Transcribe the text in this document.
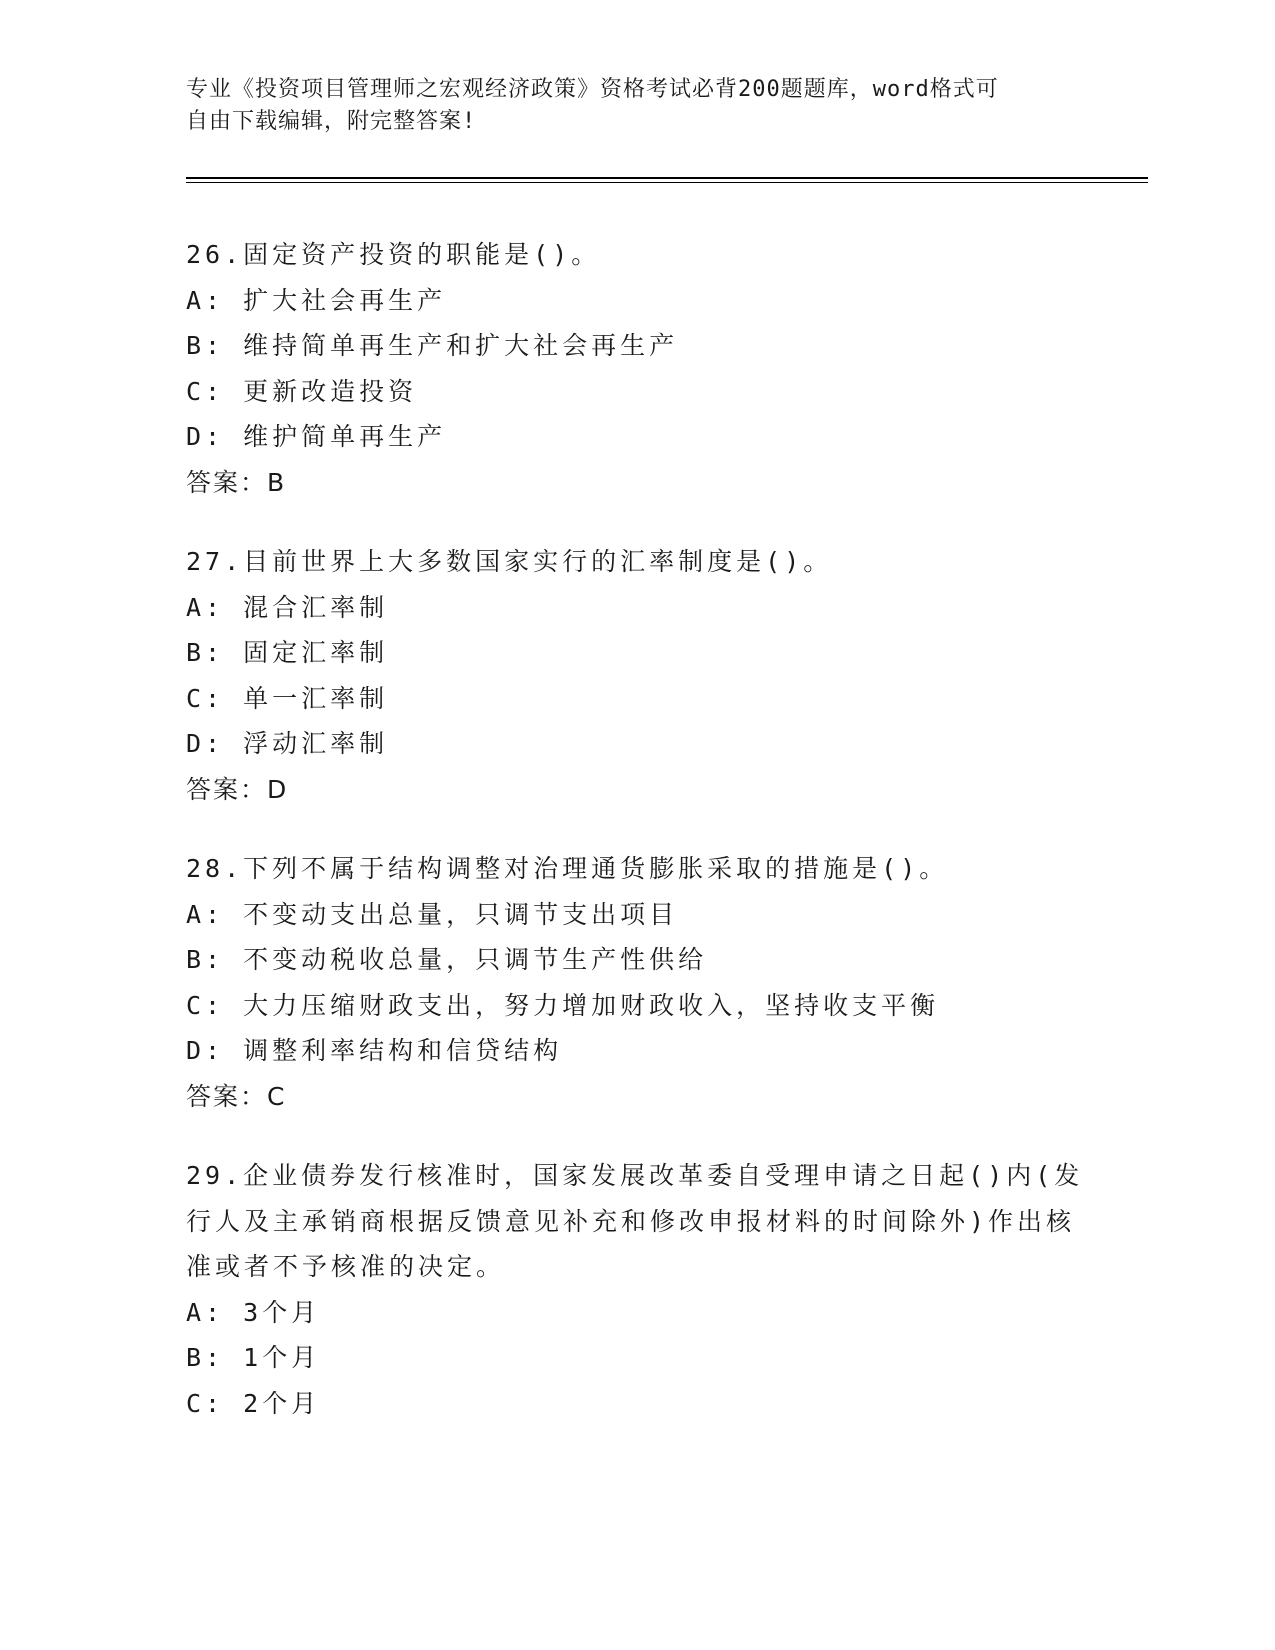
专业《投资项目管理师之宏观经济政策》资格考试必背200题题库，word格式可
自由下载编辑，附完整答案!
26.固定资产投资的职能是()。
A: 扩大社会再生产
B: 维持简单再生产和扩大社会再生产
C: 更新改造投资
D: 维护简单再生产
答案：B
27.目前世界上大多数国家实行的汇率制度是()。
A: 混合汇率制
B: 固定汇率制
C: 单一汇率制
D: 浮动汇率制
答案：D
28.下列不属于结构调整对治理通货膨胀采取的措施是()。
A: 不变动支出总量，只调节支出项目
B: 不变动税收总量，只调节生产性供给
C: 大力压缩财政支出，努力增加财政收入，坚持收支平衡
D: 调整利率结构和信贷结构
答案：C
29.企业债券发行核准时，国家发展改革委自受理申请之日起()内(发
行人及主承销商根据反馈意见补充和修改申报材料的时间除外)作出核
准或者不予核准的决定。
A: 3个月
B: 1个月
C: 2个月
